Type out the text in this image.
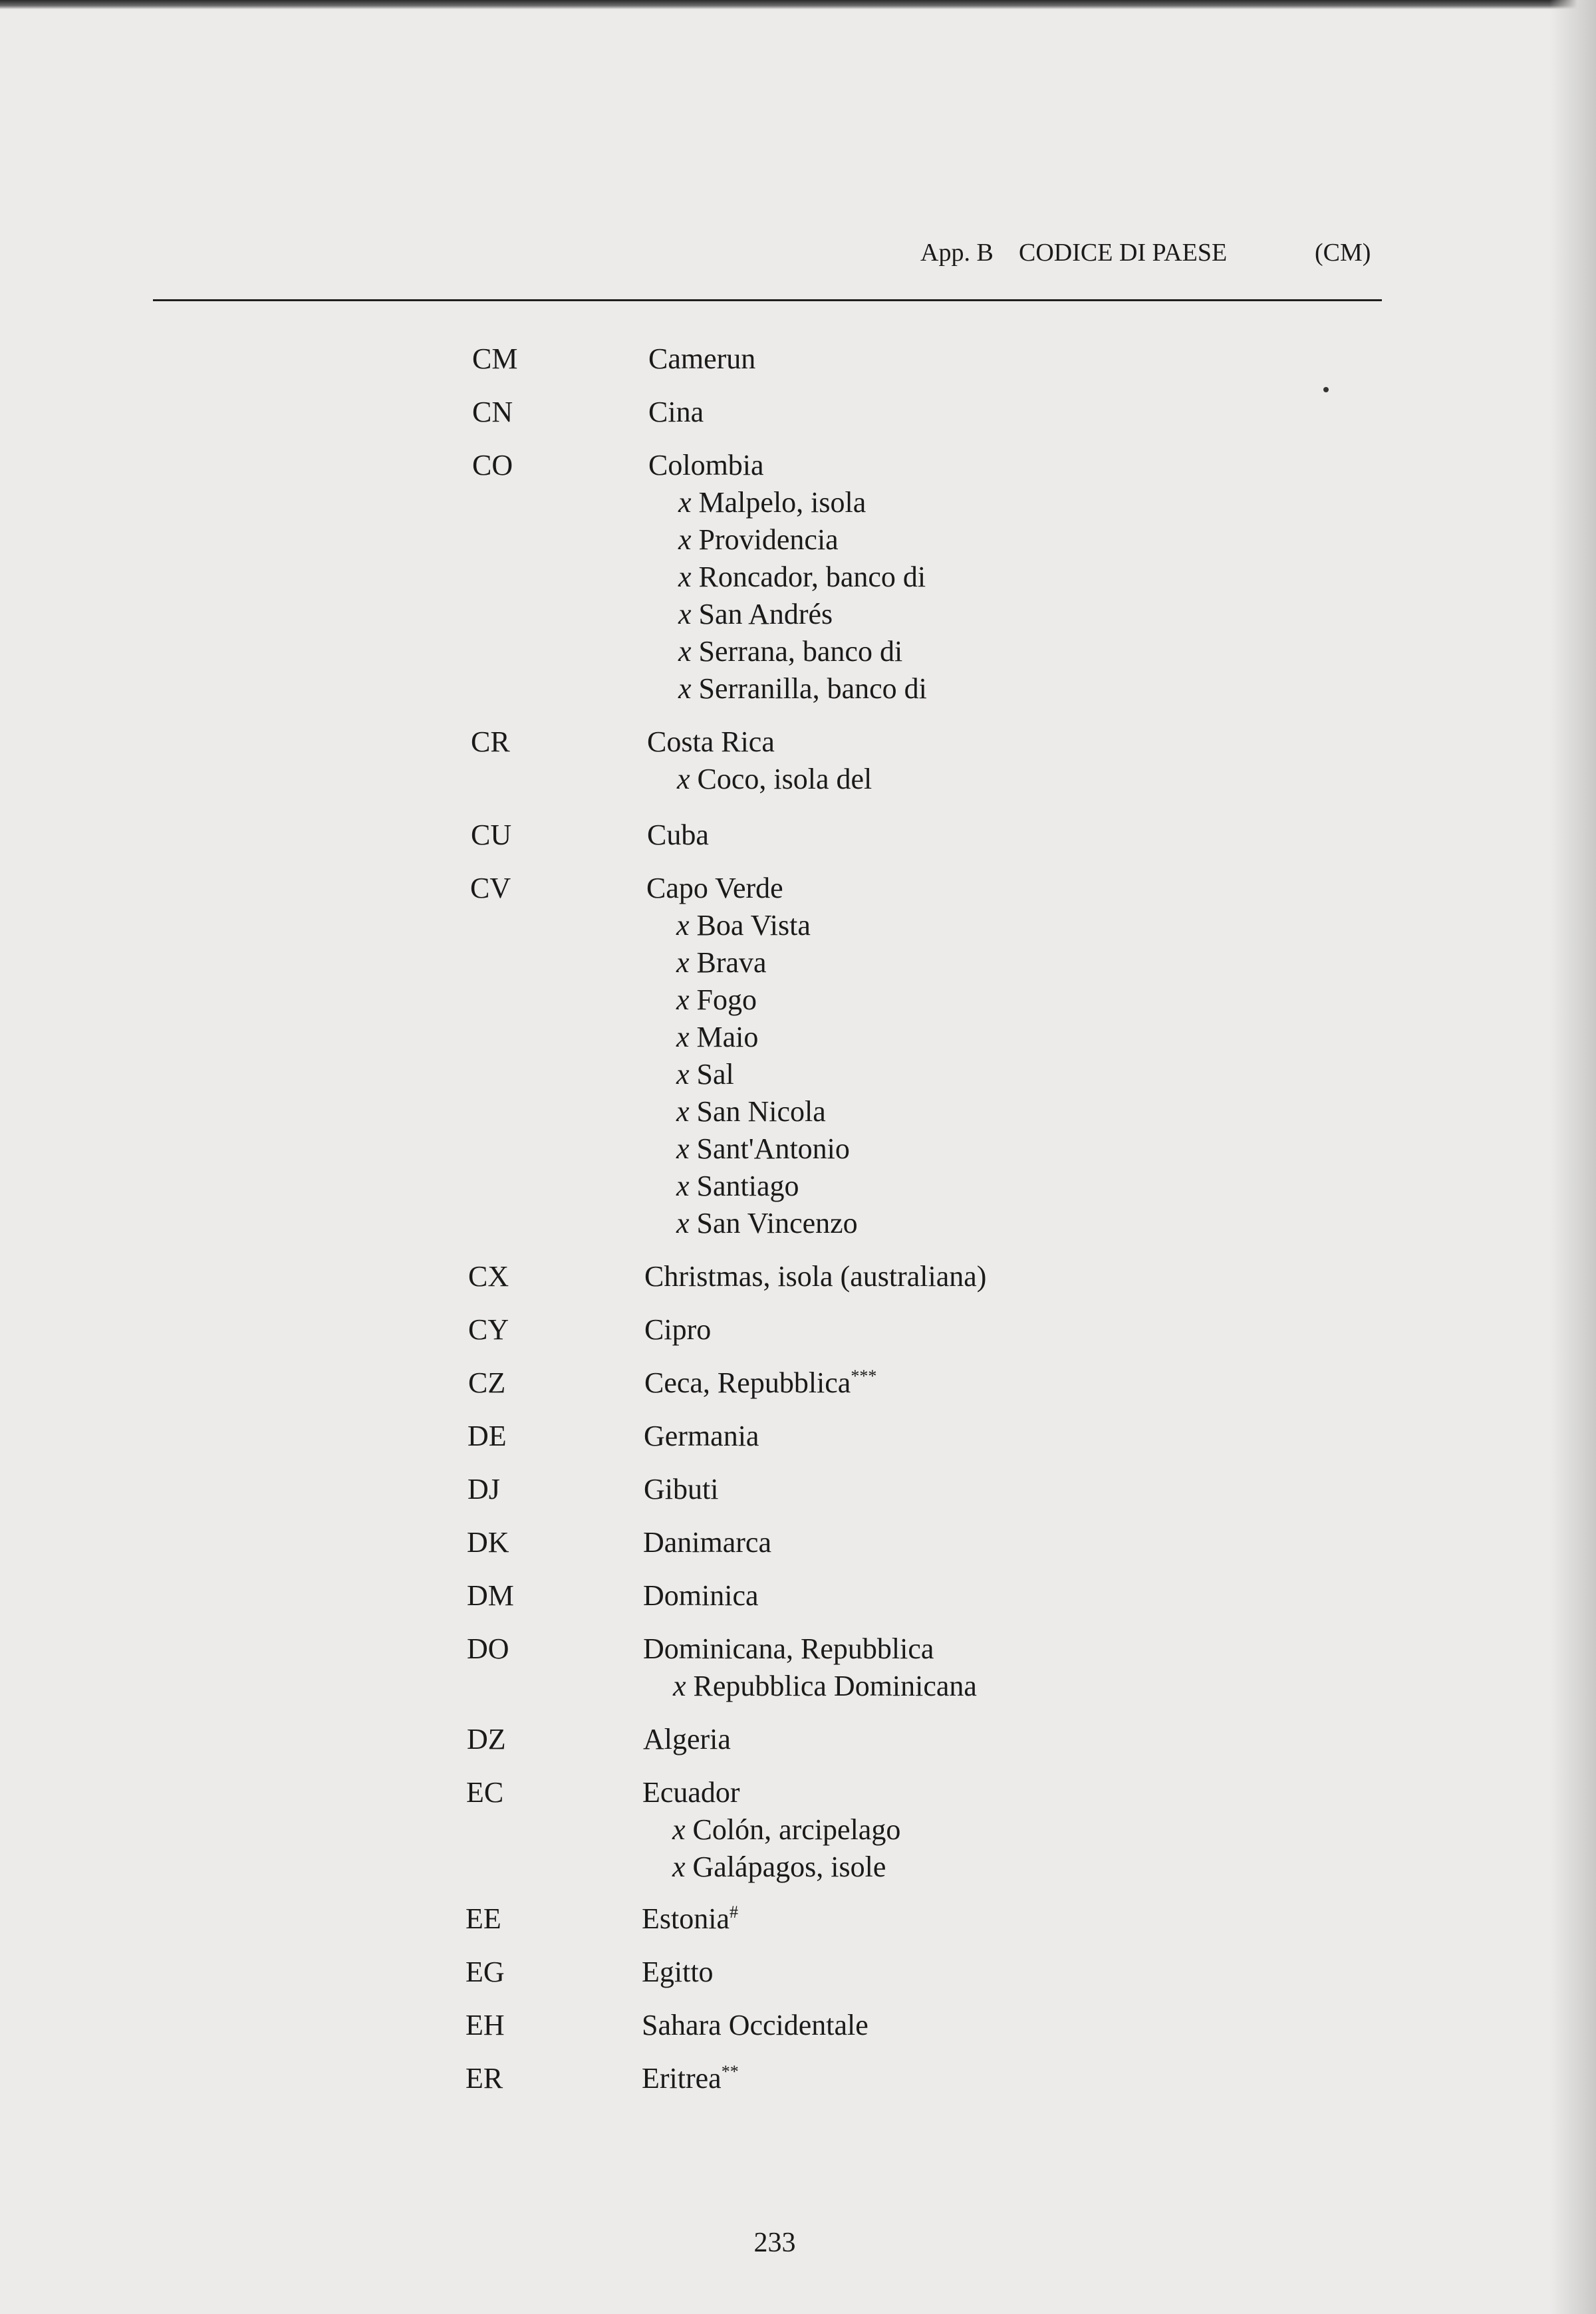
App. B CODICE DI PAESE	(CM)
CM	Camerun
CN	Cina
CO	Colombia
x Malpelo, isola
x Providencia
x Roncador, banco di
x San Andrés
x Serrana, banco di
x Serranilla, banco di
CR	Costa Rica
x Coco, isola del
CU	Cuba
CV	Capo Verde
x Boa Vista
x Brava
x Fogo
x Maio
x Sal
x San Nicola
x Sant'Antonio
x Santiago
x San Vincenzo
CX	Christmas, isola (australiana)
CY	Cipro
CZ	Ceca, Repubblica***
DE	Germania
DJ	Gibuti
DK	Danimarca
DM	Dominica
DO	Dominicana, Repubblica
x Repubblica Dominicana
DZ	Algeria
EC	Ecuador
x Colón, arcipelago
x Galápagos, isole
EE	Estonia#
EG	Egitto
EH	Sahara Occidentale
ER	Eritrea**
233
